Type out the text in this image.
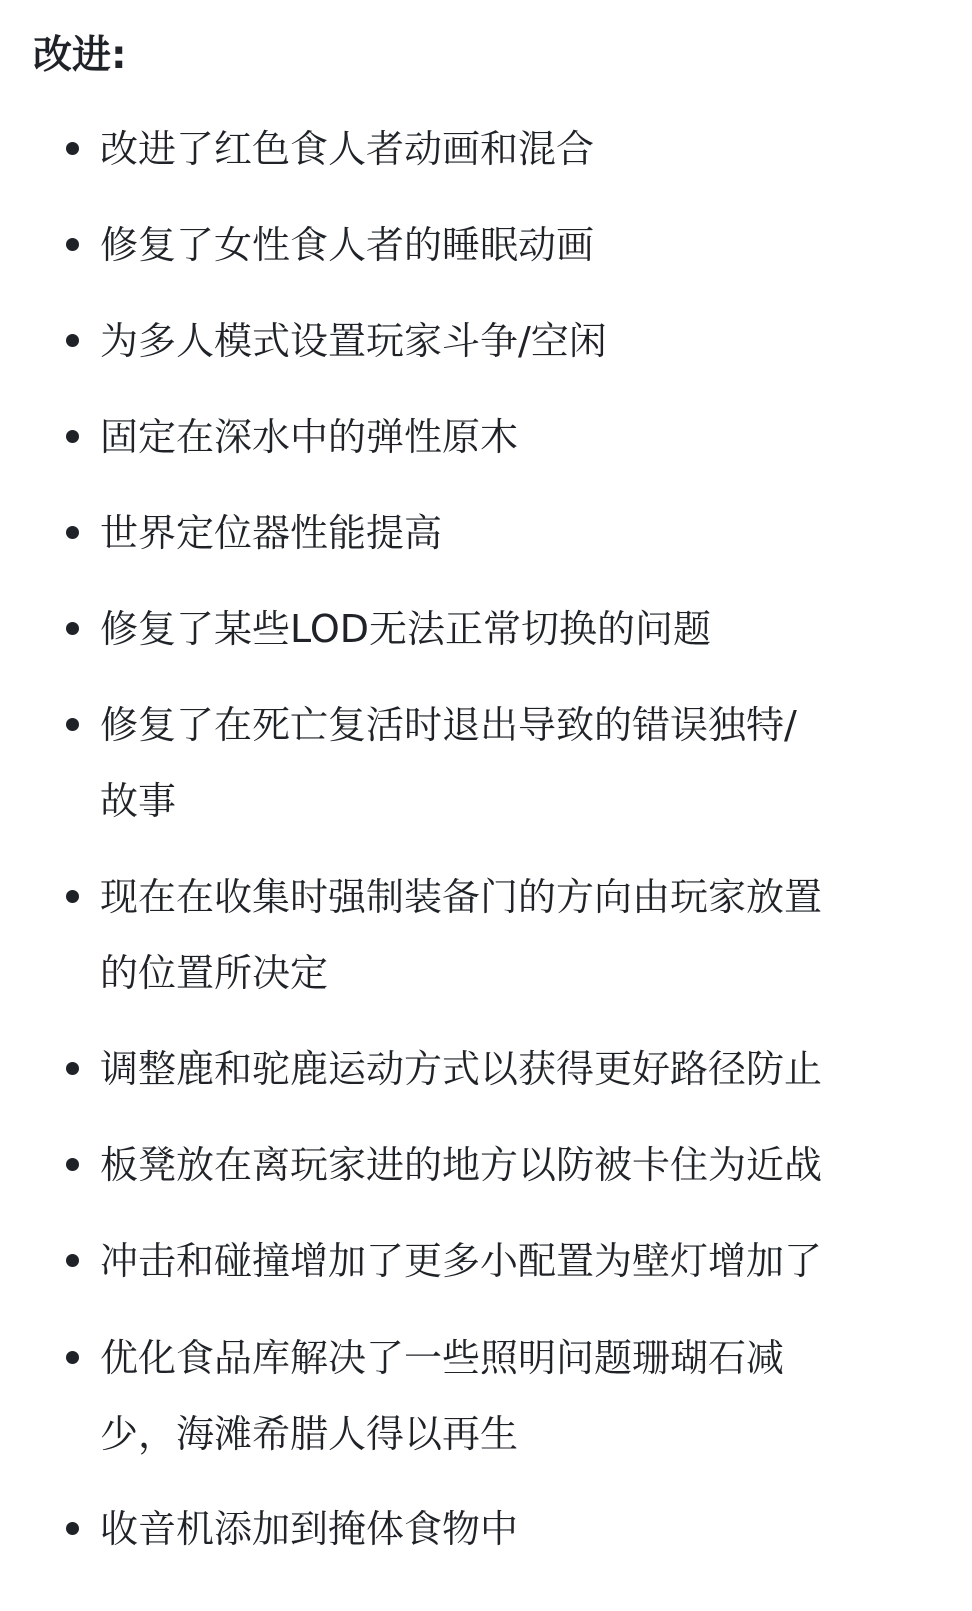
改进:
改进了红色食人者动画和混合
修复了女性食人者的睡眠动画
为多人模式设置玩家斗争/空闲
固定在深水中的弹性原木
世界定位器性能提高
修复了某些LOD无法正常切换的问题
修复了在死亡复活时退出导致的错误独特/
故事
现在在收集时强制装备门的方向由玩家放置
的位置所决定
调整鹿和驼鹿运动方式以获得更好路径防止
板凳放在离玩家进的地方以防被卡住为近战
冲击和碰撞增加了更多小配置为壁灯增加了
优化食品库解决了一些照明问题珊瑚石减
少，海滩希腊人得以再生
收音机添加到掩体食物中
